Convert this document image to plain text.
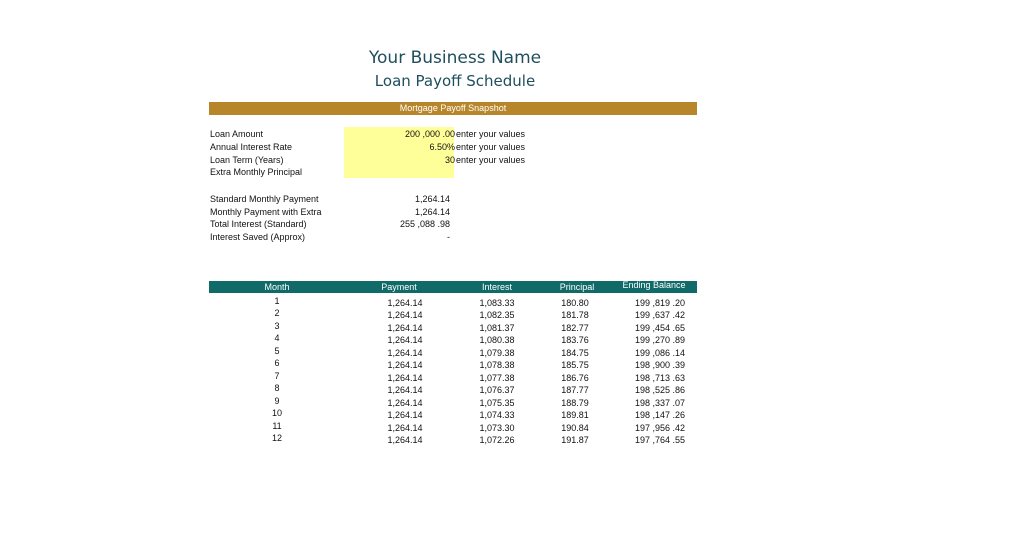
Your Business Name
Loan Payoff Schedule
Mortgage Payoff Snapshot
Loan Amount	200 ,000 .00 enter your values
Annual Interest Rate	6.50% enter your values
Loan Term (Years)	30 enter your values
Extra Monthly Principal
Standard Monthly Payment	1,264.14
Monthly Payment with Extra	1,264.14
Total Interest (Standard)	255 ,088 .98
Interest Saved (Approx)	-
Month	Payment	Interest	Principal	Ending Balance
1	1,264.14	1,083.33	180.80	199 ,819 .20
2	1,264.14	1,082.35	181.78	199 ,637 .42
3	1,264.14	1,081.37	182.77	199 ,454 .65
4	1,264.14	1,080.38	183.76	199 ,270 .89
5	1,264.14	1,079.38	184.75	199 ,086 .14
6	1,264.14	1,078.38	185.75	198 ,900 .39
7	1,264.14	1,077.38	186.76	198 ,713 .63
8	1,264.14	1,076.37	187.77	198 ,525 .86
9	1,264.14	1,075.35	188.79	198 ,337 .07
10	1,264.14	1,074.33	189.81	198 ,147 .26
11	1,264.14	1,073.30	190.84	197 ,956 .42
12	1,264.14	1,072.26	191.87	197 ,764 .55
